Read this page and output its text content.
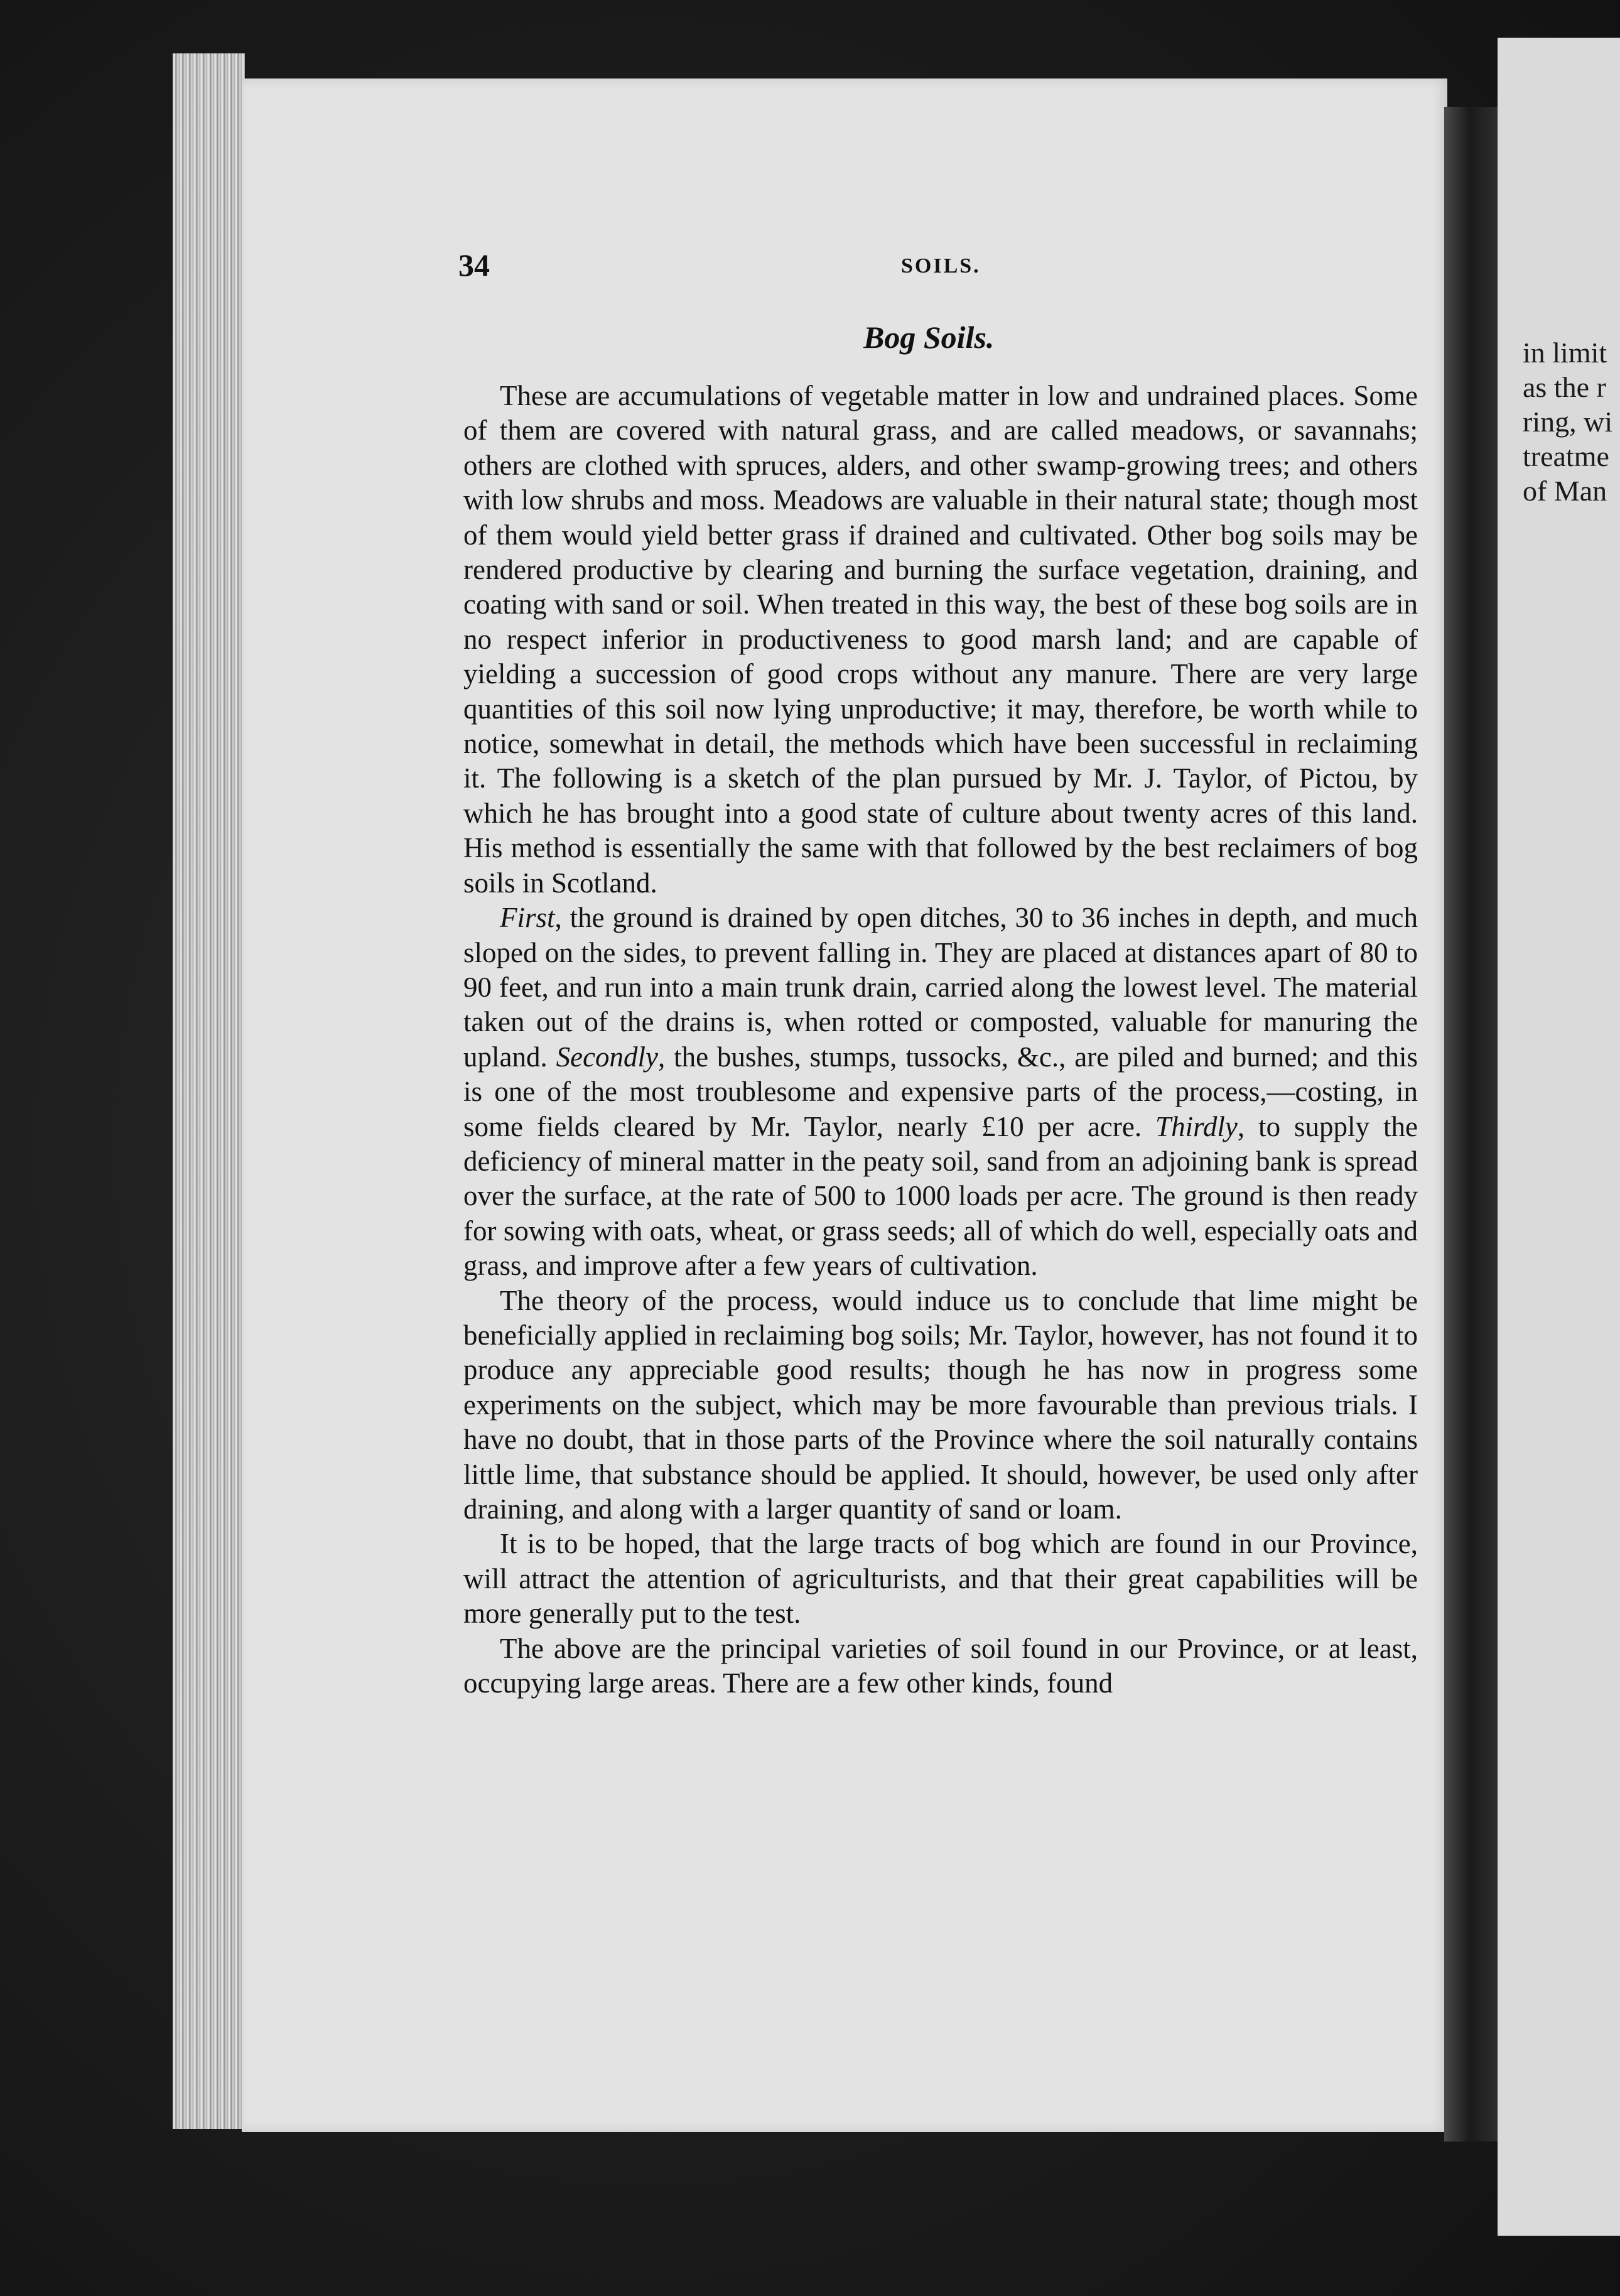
in limit
as the r
ring, wi
treatme
of Man
34	SOILS.
Bog Soils.

These are accumulations of vegetable matter in low and undrained places. Some of them are covered with natural grass, and are called meadows, or savannahs; others are clothed with spruces, alders, and other swamp-growing trees; and others with low shrubs and moss. Meadows are valuable in their natural state; though most of them would yield better grass if drained and cultivated. Other bog soils may be rendered productive by clearing and burning the surface vegetation, draining, and coating with sand or soil. When treated in this way, the best of these bog soils are in no respect inferior in productiveness to good marsh land; and are capable of yielding a succession of good crops without any manure. There are very large quantities of this soil now lying unproductive; it may, therefore, be worth while to notice, somewhat in detail, the methods which have been successful in reclaiming it. The following is a sketch of the plan pursued by Mr. J. Taylor, of Pictou, by which he has brought into a good state of culture about twenty acres of this land. His method is essentially the same with that followed by the best reclaimers of bog soils in Scotland.

First, the ground is drained by open ditches, 30 to 36 inches in depth, and much sloped on the sides, to prevent falling in. They are placed at distances apart of 80 to 90 feet, and run into a main trunk drain, carried along the lowest level. The material taken out of the drains is, when rotted or composted, valuable for manuring the upland. Secondly, the bushes, stumps, tussocks, &c., are piled and burned; and this is one of the most troublesome and expensive parts of the process,—costing, in some fields cleared by Mr. Taylor, nearly £10 per acre. Thirdly, to supply the deficiency of mineral matter in the peaty soil, sand from an adjoining bank is spread over the surface, at the rate of 500 to 1000 loads per acre. The ground is then ready for sowing with oats, wheat, or grass seeds; all of which do well, especially oats and grass, and improve after a few years of cultivation.

The theory of the process, would induce us to conclude that lime might be beneficially applied in reclaiming bog soils; Mr. Taylor, however, has not found it to produce any appreciable good results; though he has now in progress some experiments on the subject, which may be more favourable than previous trials. I have no doubt, that in those parts of the Province where the soil naturally contains little lime, that substance should be applied. It should, however, be used only after draining, and along with a larger quantity of sand or loam.

It is to be hoped, that the large tracts of bog which are found in our Province, will attract the attention of agriculturists, and that their great capabilities will be more generally put to the test.

The above are the principal varieties of soil found in our Province, or at least, occupying large areas. There are a few other kinds, found
